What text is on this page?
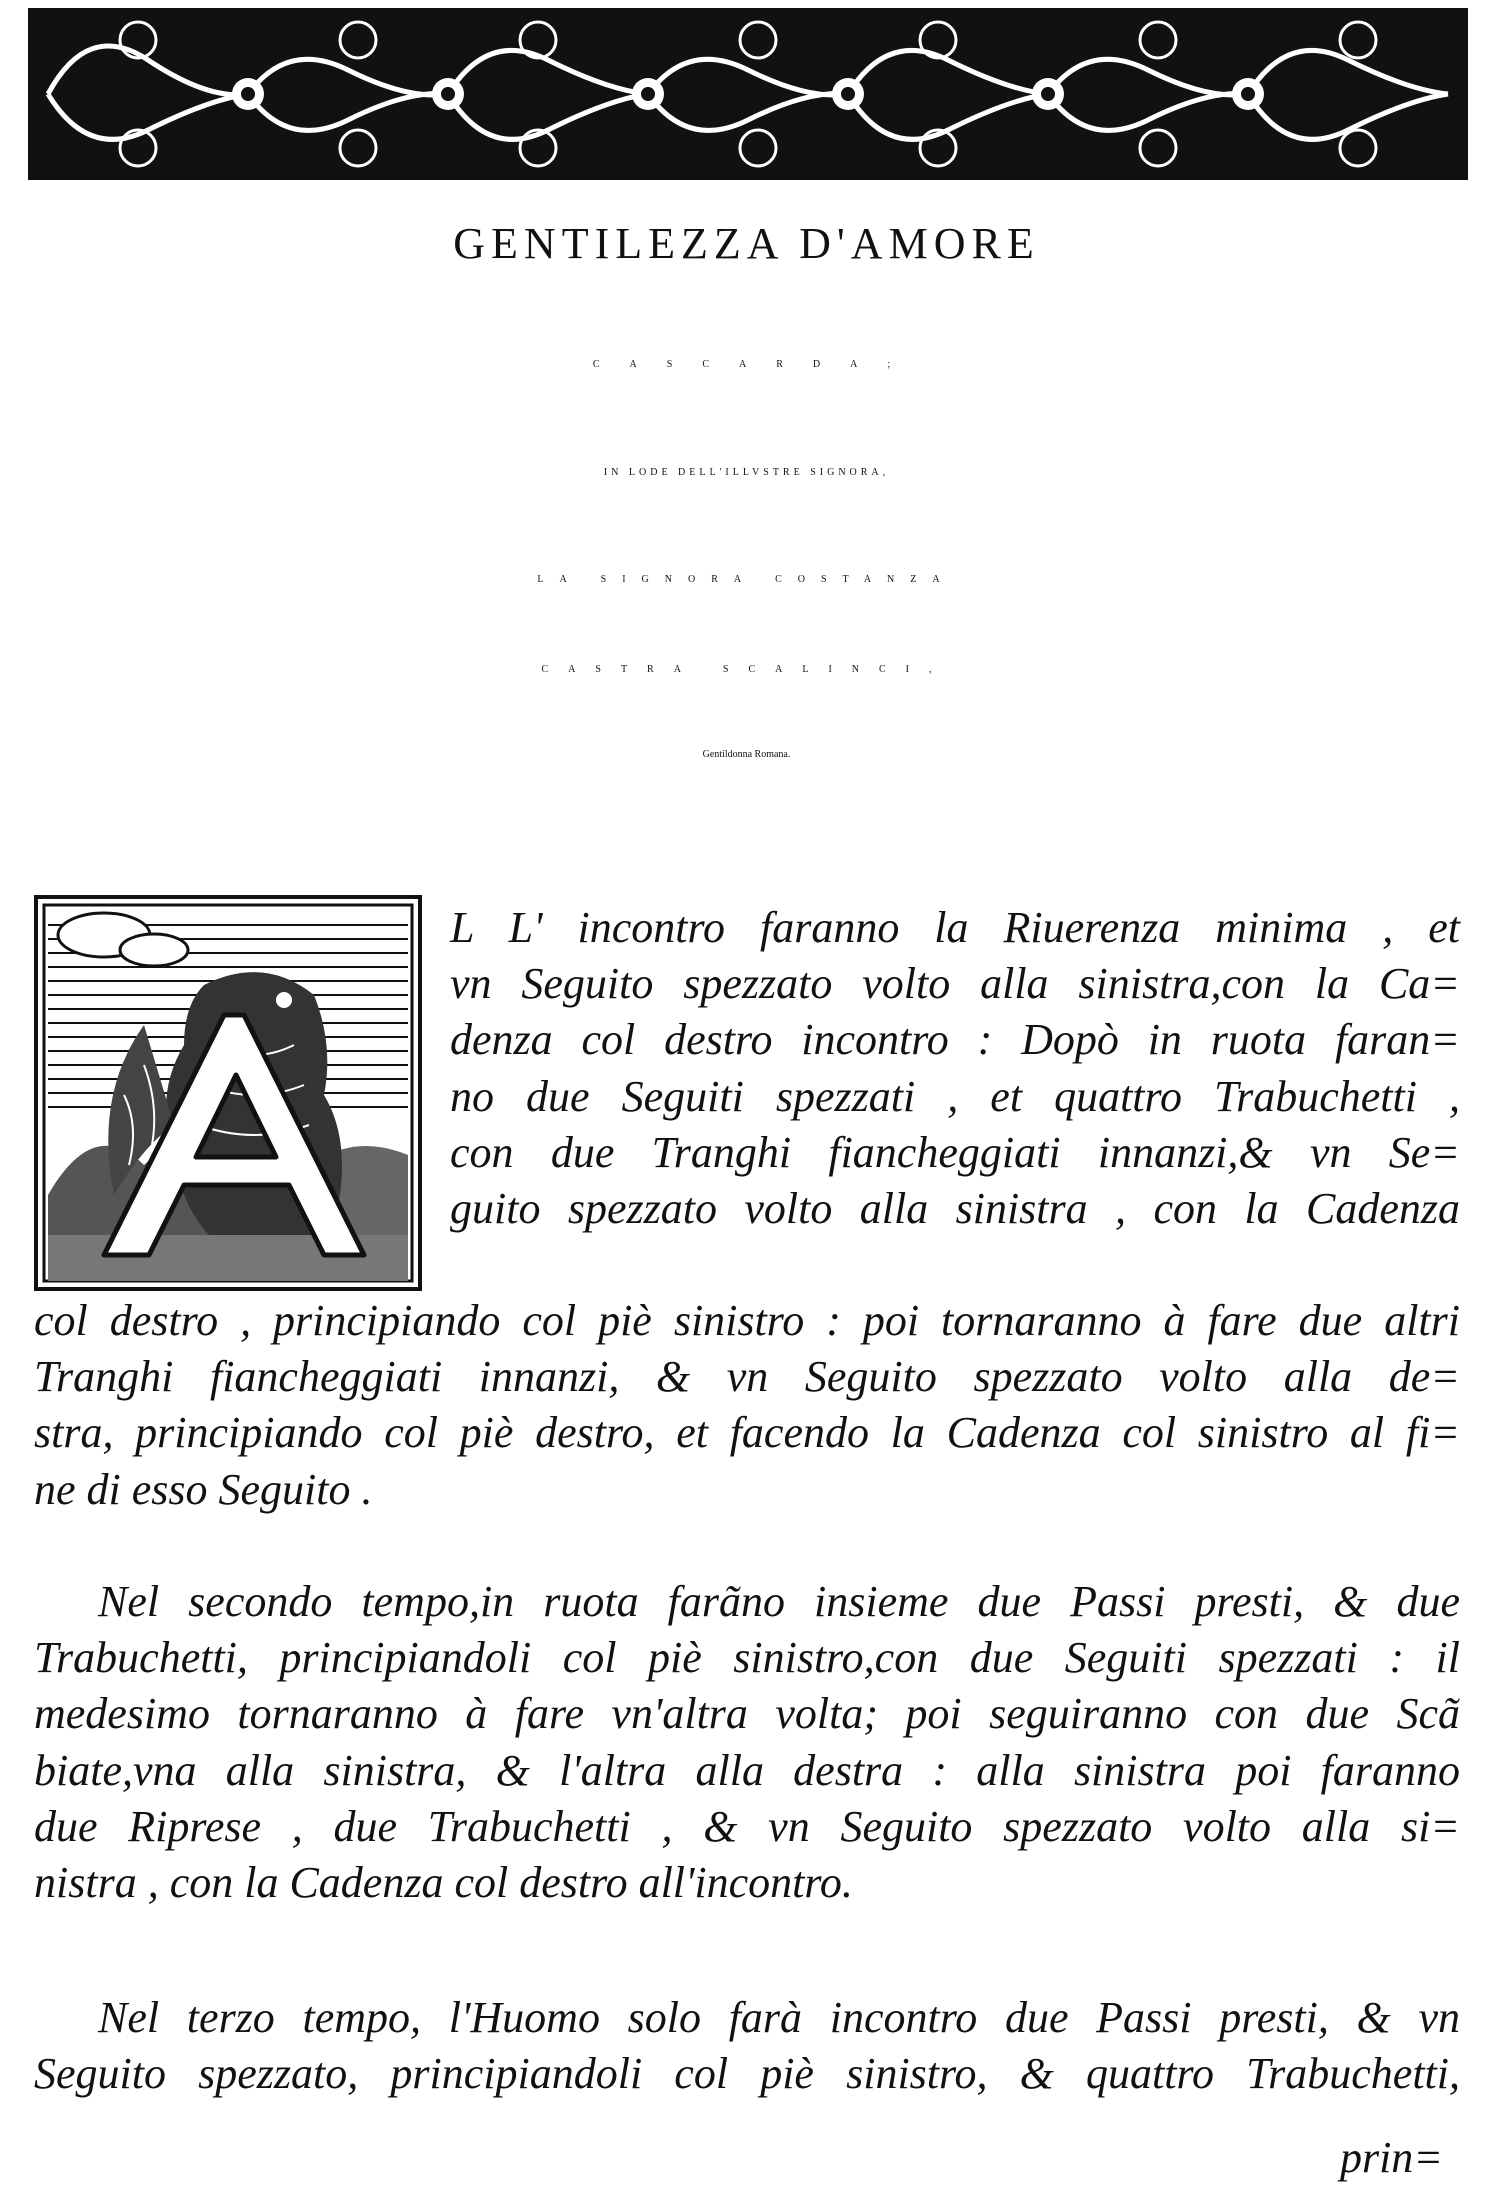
GENTILEZZA D'AMORE
CASCARDA;
IN LODE DELL'ILLVSTRE SIGNORA,
LA SIGNORA COSTANZA
CASTRA SCALINCI,
Gentildonna Romana.
L L' incontro faranno la Riuerenza minima , et
vn Seguito spezzato volto alla sinistra,con la Ca=
denza col destro incontro : Dopò in ruota faran=
no due Seguiti spezzati , et quattro Trabuchetti ,
con due Tranghi fiancheggiati innanzi,& vn Se=
guito spezzato volto alla sinistra , con la Cadenza
col destro , principiando col piè sinistro : poi tornaranno à fare due altri
Tranghi fiancheggiati innanzi, & vn Seguito spezzato volto alla de=
stra, principiando col piè destro, et facendo la Cadenza col sinistro al fi=
ne di esso Seguito .
Nel secondo tempo,in ruota farãno insieme due Passi presti, & due
Trabuchetti, principiandoli col piè sinistro,con due Seguiti spezzati : il
medesimo tornaranno à fare vn'altra volta; poi seguiranno con due Scã
biate,vna alla sinistra, & l'altra alla destra : alla sinistra poi faranno
due Riprese , due Trabuchetti , & vn Seguito spezzato volto alla si=
nistra , con la Cadenza col destro all'incontro.
Nel terzo tempo, l'Huomo solo farà incontro due Passi presti, & vn
Seguito spezzato, principiandoli col piè sinistro, & quattro Trabuchetti,
prin=
